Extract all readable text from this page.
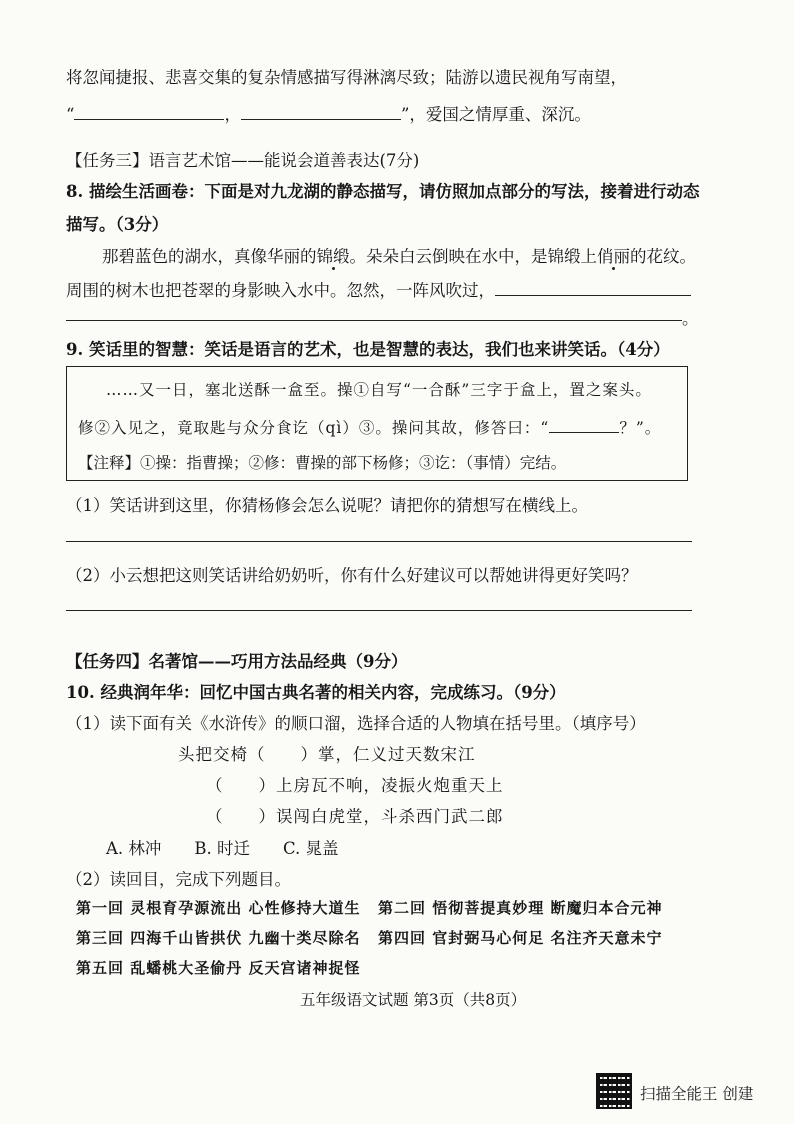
将忽闻捷报、悲喜交集的复杂情感描写得淋漓尽致；陆游以遗民视角写南望，
“	，	”，爱国之情厚重、深沉。
【任务三】语言艺术馆——能说会道善表达(7分)
8. 描绘生活画卷：下面是对九龙湖的静态描写，请仿照加点部分的写法，接着进行动态
描写。（3分）
那碧蓝色的湖水，真像华丽的锦缎。朵朵白云倒映在水中，是锦缎上俏丽的花纹。
周围的树木也把苍翠的身影映入水中。忽然，一阵风吹过，
。
9. 笑话里的智慧：笑话是语言的艺术，也是智慧的表达，我们也来讲笑话。（4分）
……又一日，塞北送酥一盒至。操①自写“一合酥”三字于盒上，置之案头。
修②入见之，竟取匙与众分食讫（qì）③。操问其故，修答曰：“	？”。
【注释】①操：指曹操；②修：曹操的部下杨修；③讫：（事情）完结。
（1）笑话讲到这里，你猜杨修会怎么说呢？请把你的猜想写在横线上。
（2）小云想把这则笑话讲给奶奶听，你有什么好建议可以帮她讲得更好笑吗？
【任务四】名著馆——巧用方法品经典（9分）
10. 经典润年华：回忆中国古典名著的相关内容，完成练习。（9分）
（1）读下面有关《水浒传》的顺口溜，选择合适的人物填在括号里。（填序号）
头把交椅（　　）掌，仁义过天数宋江
（　　）上房瓦不响，凌振火炮重天上
（　　）误闯白虎堂，斗杀西门武二郎
A. 林冲　　B. 时迁　　C. 晁盖
（2）读回目，完成下列题目。
第一回 灵根育孕源流出 心性修持大道生 第二回 悟彻菩提真妙理 断魔归本合元神
第三回 四海千山皆拱伏 九幽十类尽除名 第四回 官封弼马心何足 名注齐天意未宁
第五回 乱蟠桃大圣偷丹 反天宫诸神捉怪
五年级语文试题 第3页（共8页）
扫描全能王 创建
